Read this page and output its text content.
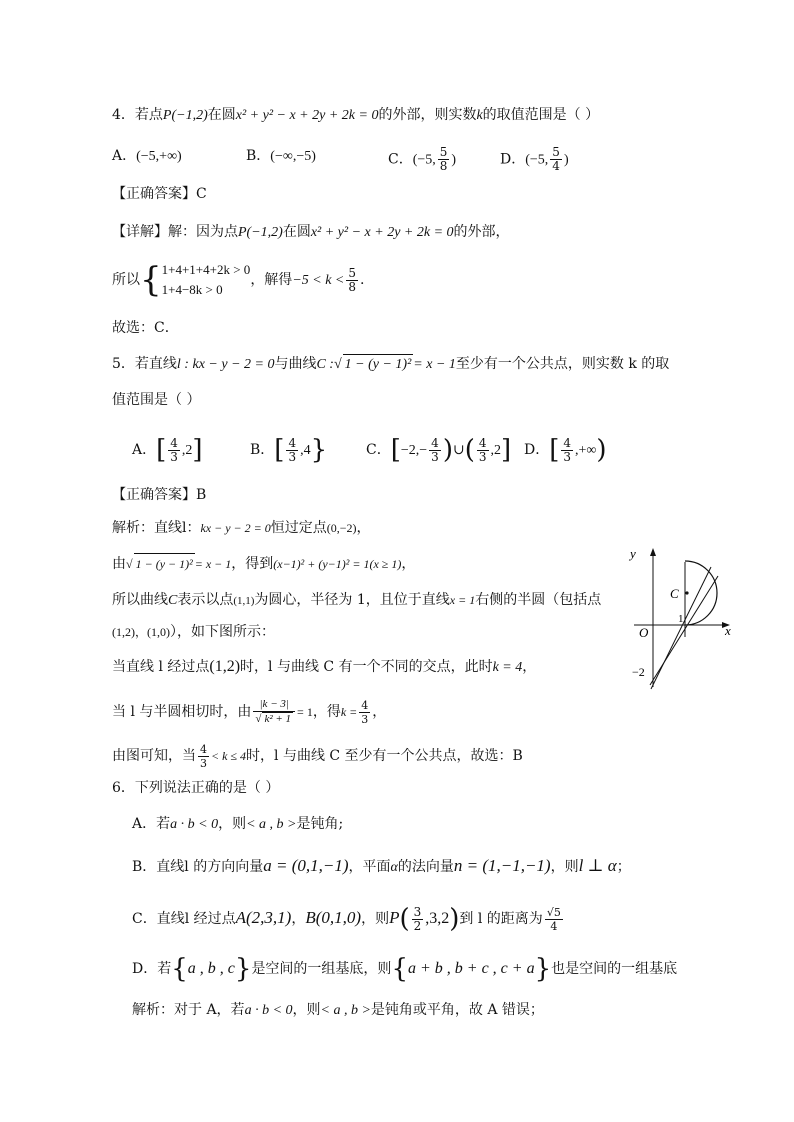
4．若点P(−1,2)在圆x² + y² − x + 2y + 2k = 0的外部，则实数k的取值范围是（ ）
A．(−5,+∞)	B．(−∞,−5)	C．(−5, $\frac{5}{8}$ )	D．(−5, $\frac{5}{4}$ )
【正确答案】C
【详解】解：因为点P(−1,2)在圆x² + y² − x + 2y + 2k = 0的外部，
所以{ 1+4+1+4+2k > 0
1+4−8k > 0
，解得$-5 < k < \frac{5}{8}$ .
故选：C．
5．若直线l : kx − y − 2 = 0与曲线C :√ 1 − (y − 1)² = x − 1至少有一个公共点，则实数 k 的取
值范围是（ ）
A．[ $\frac{4}{3} ,2$]	B．[ $\frac{4}{3} ,4$}	C．[$-2,- \frac{4}{3}$ )∪( $\frac{4}{3} ,2$] D．[ $\frac{4}{3}$ ,+∞)
【正确答案】B
解析：直线l：kx − y − 2 = 0恒过定点(0,−2)，
由√ 1 − (y − 1)² = x − 1，得到(x−1)² + (y−1)² = 1(x ≥ 1)，
所以曲线C表示以点(1,1)为圆心，半径为 1，且位于直线x = 1右侧的半圆（包括点
(1,2)，(1,0)），如下图所示：
当直线 l 经过点(1,2)时，l 与曲线 C 有一个不同的交点，此时k = 4，
当 l 与半圆相切时，由 $\frac{|k - 3|}{\text{√ k² + 1}} = 1$，得$k = \frac{4}{3}$ ，
由图可知，当 $\frac{4}{3} < k \le 4$时，l 与曲线 C 至少有一个公共点，故选：B
y
x
O
C
1
−2
6．下列说法正确的是（ ）
A．若a · b < 0，则< a , b >是钝角;
B．直线l 的方向向量a = (0,1,−1)，平面α的法向量n = (1,−1,−1)，则l ⊥ α；
C．直线l 经过点A(2,3,1)，B(0,1,0)，则$P( \frac{3}{2} ,3,2)$到 l 的距离为 $\frac{√5}{4}$
D．若{a , b , c}是空间的一组基底，则{a + b , b + c , c + a}也是空间的一组基底
解析：对于 A，若a · b < 0，则< a , b >是钝角或平角，故 A 错误；
